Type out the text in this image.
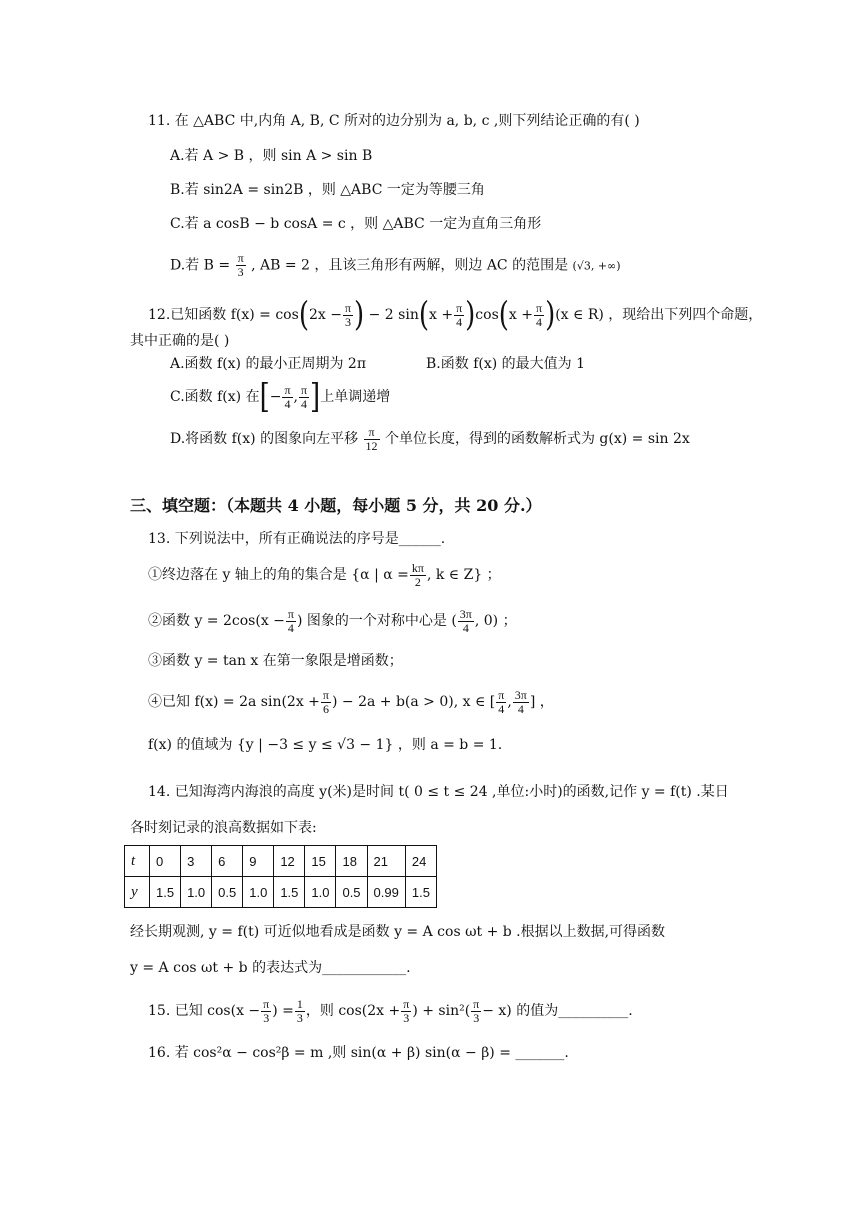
11. 在 △ABC 中,内角 A, B, C 所对的边分别为 a, b, c ,则下列结论正确的有( )
A.若 A > B ，则 sin A > sin B
B.若 sin2A = sin2B ，则 △ABC 一定为等腰三角
C.若 a cosB − b cosA = c ，则 △ABC 一定为直角三角形
D.若 $B = \frac{\pi}{3}$ , AB = 2 ，且该三角形有两解，则边 AC 的范围是 (√3, +∞)
12.已知函数 $f(x) = \cos(2x - \frac{\pi}{3}$ ) − 2 $\sin(x + \frac{\pi}{4} )\cos(x + \frac{\pi}{4} )(x$ ∈ R) ，现给出下列四个命题，
其中正确的是( )
A.函数 f(x) 的最小正周期为 2π	B.函数 f(x) 的最大值为 1
C.函数 f(x) 在[− $\frac{\pi}{4}$ , $\frac{\pi}{4}$ ]上单调递增
D.将函数 f(x) 的图象向左平移 $\frac{\pi}{12}$ 个单位长度，得到的函数解析式为 g(x) = sin 2x
三、填空题：（本题共 4 小题，每小题 5 分，共 20 分.）
13. 下列说法中，所有正确说法的序号是______.
①终边落在 y 轴上的角的集合是 {α | $\alpha = \frac{k\pi}{2}$ , k ∈ Z} ；
②函数 $y = 2\cos(x - \frac{\pi}{4}$ ) 图象的一个对称中心是 ( $\frac{3\pi}{4}$ , 0) ；
③函数 y = tan x 在第一象限是增函数；
④已知 f(x) = 2a $\sin(2x + \frac{\pi}{6}$ ) − 2a + b(a > 0), x ∈ [ $\frac{\pi}{4}$ , $\frac{3\pi}{4}$ ] ，
f(x) 的值域为 {y | −3 ≤ y ≤ √3 − 1} ，则 a = b = 1.
14. 已知海湾内海浪的高度 y(米)是时间 t( 0 ≤ t ≤ 24 ,单位:小时)的函数,记作 y = f(t) .某日
各时刻记录的浪高数据如下表:
t	0	3	6	9	12	15	18	21	24
y	1.5	1.0	0.5	1.0	1.5	1.0	0.5	0.99	1.5
经长期观测, y = f(t) 可近似地看成是函数 y = A cos ωt + b .根据以上数据,可得函数
y = A cos ωt + b 的表达式为____________.
15. 已知 $\cos(x - \frac{\pi}{3}$ ) = $\frac{1}{3}$ ，则 $\cos(2x + \frac{\pi}{3}$ ) + $\sin^2( \frac{\pi}{3} - x)$ 的值为__________.
16. 若 cos²α − cos²β = m ,则 sin(α + β) sin(α − β) = _______.
